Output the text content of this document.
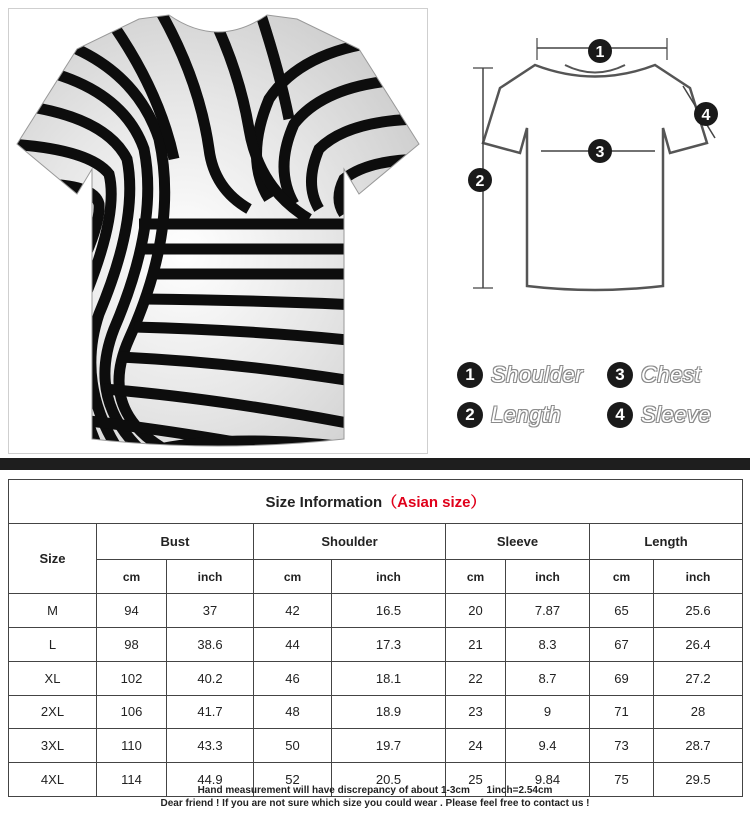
1
2
3
4
1 Shoulder
2 Length
3 Chest
4 Sleeve
Size Information（Asian size）								
Size	Bust		Shoulder		Sleeve		Length	
	cm	inch	cm	inch	cm	inch	cm	inch
M	94	37	42	16.5	20	7.87	65	25.6
L	98	38.6	44	17.3	21	8.3	67	26.4
XL	102	40.2	46	18.1	22	8.7	69	27.2
2XL	106	41.7	48	18.9	23	9	71	28
3XL	110	43.3	50	19.7	24	9.4	73	28.7
4XL	114	44.9	52	20.5	25	9.84	75	29.5
Hand measurement will have discrepancy of about 1-3cm      1inch=2.54cm
Dear friend ! If you are not sure which size you could wear . Please feel free to contact us !
